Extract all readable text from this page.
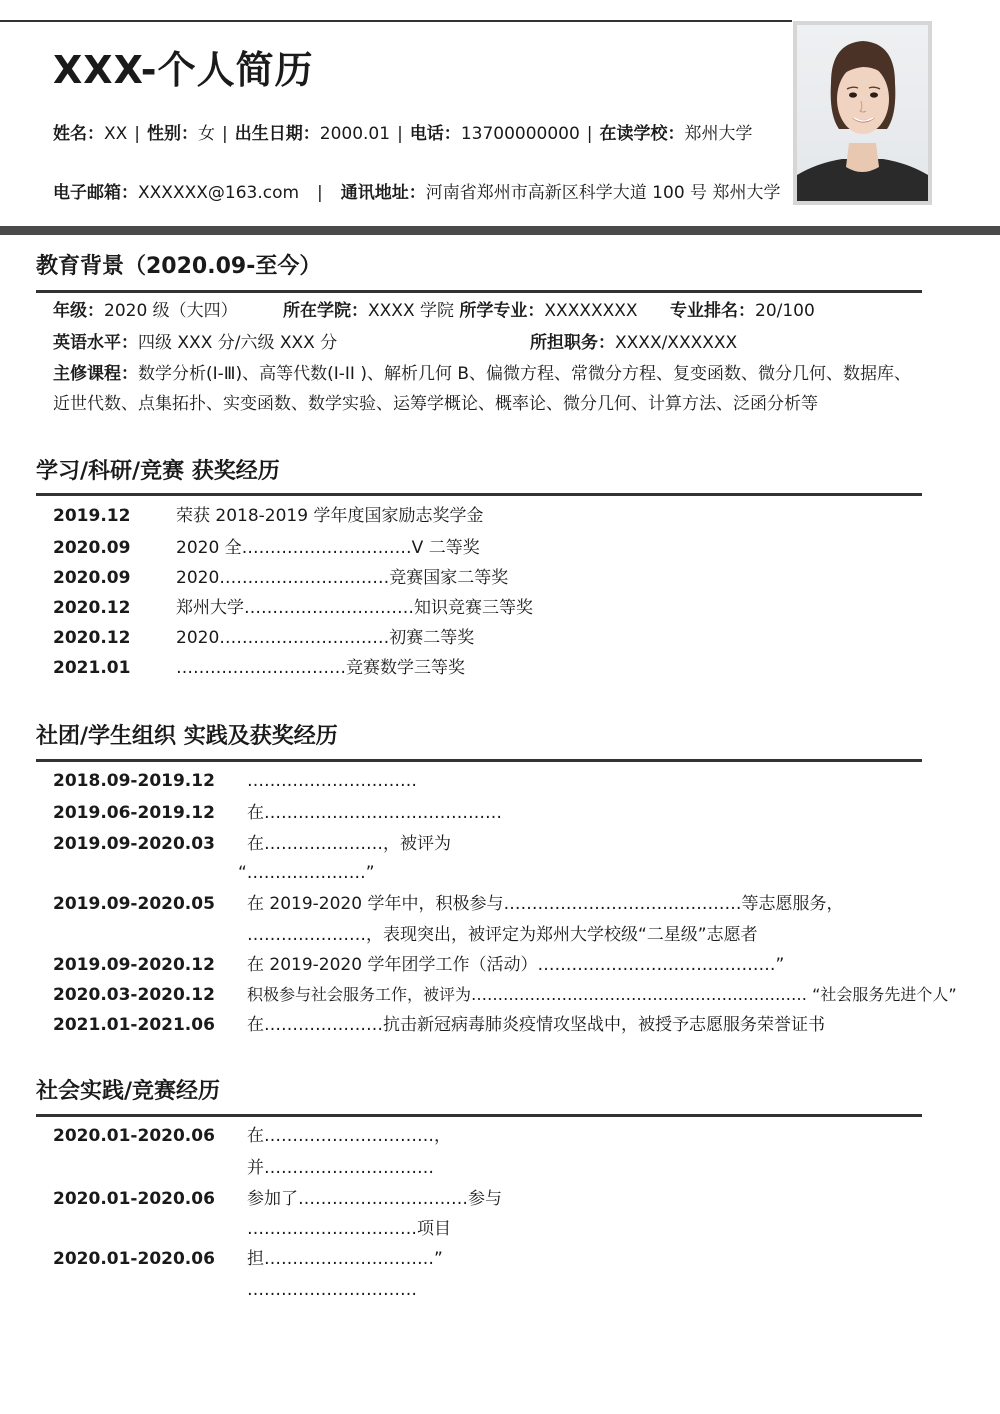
XXX-个人简历
姓名：XX | 性别：女 | 出生日期：2000.01 | 电话：13700000000 | 在读学校：郑州大学
电子邮箱：XXXXXX@163.com | 通讯地址：河南省郑州市高新区科学大道 100 号 郑州大学
教育背景（2020.09-至今）
年级：2020 级（大四）	所在学院：XXXX 学院 所学专业：XXXXXXXX 专业排名：20/100
英语水平：四级 XXX 分/六级 XXX 分	所担职务：XXXX/XXXXXX
主修课程：数学分析(I-Ⅲ)、高等代数(I-II )、解析几何 B、偏微方程、常微分方程、复变函数、微分几何、数据库、
近世代数、点集拓扑、实变函数、数学实验、运筹学概论、概率论、微分几何、计算方法、泛函分析等
学习/科研/竞赛 获奖经历
2019.12	荣获 2018-2019 学年度国家励志奖学金
2020.09	2020 全…………………………V 二等奖
2020.09	2020…………………………竞赛国家二等奖
2020.12	郑州大学…………………………知识竞赛三等奖
2020.12	2020…………………………初赛二等奖
2021.01	…………………………竞赛数学三等奖
社团/学生组织 实践及获奖经历
2018.09-2019.12 …………………………
2019.06-2019.12 在……………………………………
2019.09-2020.03 在…………………，被评为
“…………………”
2019.09-2020.05 在 2019-2020 学年中，积极参与……………………………………等志愿服务，
…………………，表现突出，被评定为郑州大学校级“二星级”志愿者
2019.09-2020.12 在 2019-2020 学年团学工作（活动）……………………………………”
2020.03-2020.12 积极参与社会服务工作，被评为……………………………………………………… “社会服务先进个人”
2021.01-2021.06 在…………………抗击新冠病毒肺炎疫情攻坚战中，被授予志愿服务荣誉证书
社会实践/竞赛经历
2020.01-2020.06 在…………………………，
并…………………………
2020.01-2020.06 参加了…………………………参与
…………………………项目
2020.01-2020.06 担…………………………”
…………………………
